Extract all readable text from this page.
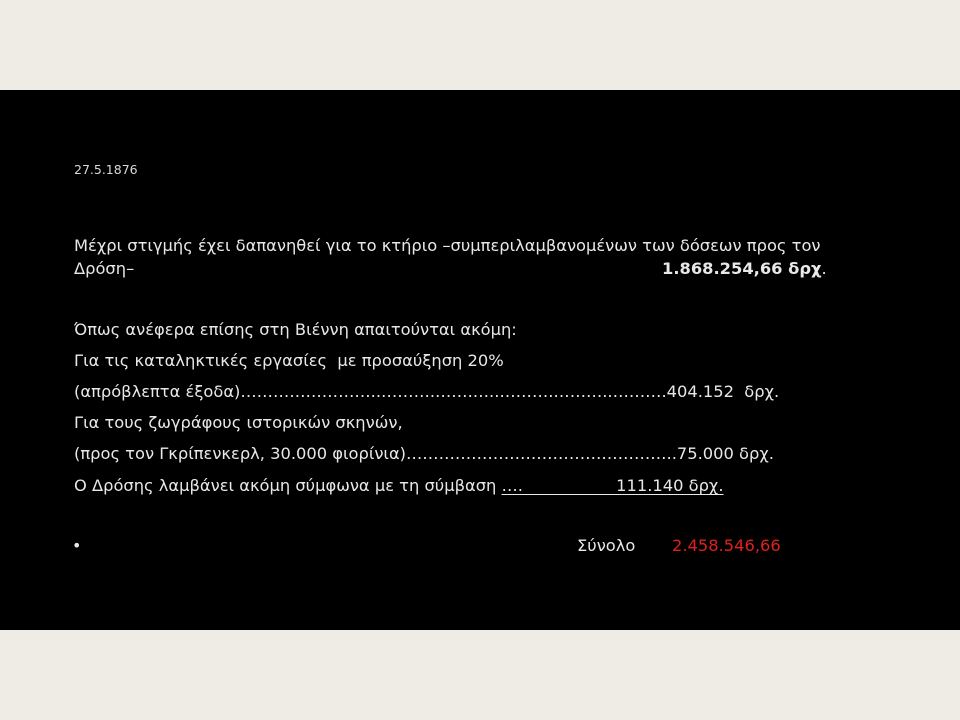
27.5.1876
Μέχρι στιγμής έχει δαπανηθεί για το κτήριο –συμπεριλαμβανομένων των δόσεων προς τον
Δρόση–	1.868.254,66 δρχ.
Όπως ανέφερα επίσης στη Βιέννη απαιτούνται ακόμη:
Για τις καταληκτικές εργασίες  με προσαύξηση 20%
(απρόβλεπτα έξοδα)……………………..……….…….…..……….………..……….404.152  δρχ.
Για τους ζωγράφους ιστορικών σκηνών,
(προς τον Γκρίπενκερλ, 30.000 φιορίνια)…………………………………………..75.000 δρχ.
Ο Δρόσης λαμβάνει ακόμη σύμφωνα με τη σύμβαση ….                  111.140 δρχ.
•	Σύνολο 2.458.546,66
